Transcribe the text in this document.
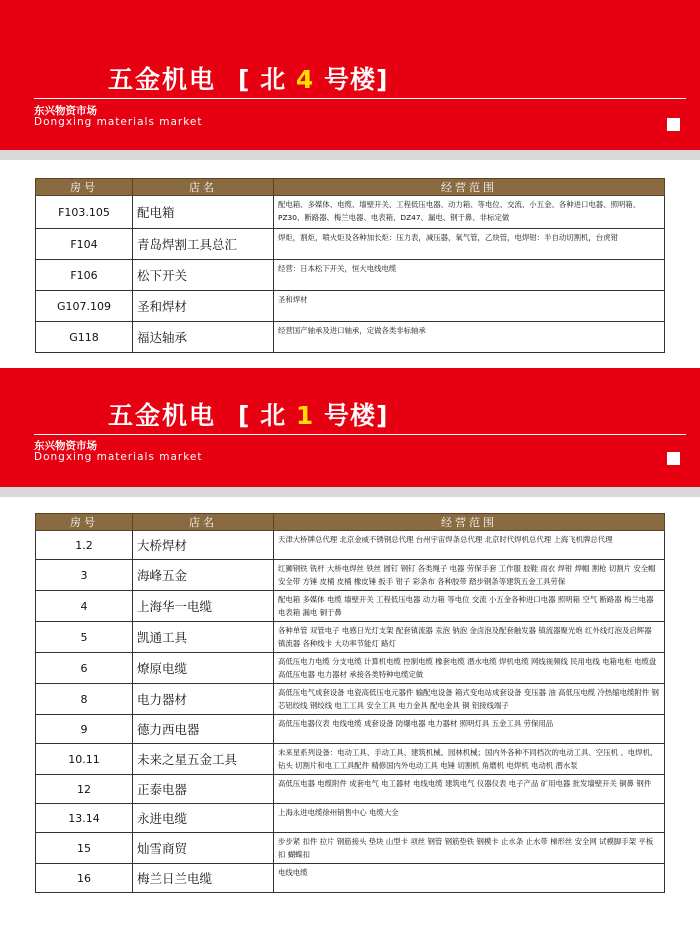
五金机电 [ 北 4 号楼]
东兴物资市场
Dongxing materials market
房号	店名	经营范围
F103.105	配电箱	配电箱、多媒体、电缆、墙壁开关、工程低压电器、动力箱、等电位、交流、小五金、各种进口电器、照明箱、PZ30、断路器、梅兰电器、电表箱、DZ47、漏电、钢于鼻、非标定做
F104	青岛焊割工具总汇	焊炬，割炬，喷火炬及各种加长炬：压力表，减压器，氧气管，乙炔管，电焊钳：半自动切割机，台虎钳
F106	松下开关	经营：日本松下开关，恒大电线电缆
G107.109	圣和焊材	圣和焊材
G118	福达轴承	经营国产轴承及进口轴承，定做各类非标轴承
五金机电 [ 北 1 号楼]
东兴物资市场
Dongxing materials market
房号	店名	经营范围
1.2	大桥焊材	天津大桥牌总代理 北京金威不锈钢总代理 台州宇宙焊条总代理 北京时代焊机总代理 上海飞机牌总代理
3	海峰五金	红狮钢铁 铣杆 大桥电焊丝 铁丝 圆钉 钢钉 各类绳子 电器 劳保手套 工作服 胶鞋 雨衣 焊钳 焊帽 割枪 切割片 安全帽 安全带 方锤 皮桶 皮桶 橡皮锤 扳手 钳子 彩条布 各种胶带 踏步钢条等建筑五金工具劳保
4	上海华一电缆	配电箱 多媒体 电缆 墙壁开关 工程低压电器 动力箱 等电位 交流 小五金各种进口电器 照明箱 空气 断路器 梅兰电器 电表箱 漏电 铜于鼻
5	凯通工具	各种单管 双管电子 电感日光灯支架 配套镇流器 汞泡 钠泡 金卤泡及配套触发器 镇流器聚光炮 红外线灯泡及启辉器 镇流器 各种线卡 大功率节能灯 路灯
6	燎原电缆	高低压电力电缆 分支电缆 计算机电缆 控制电缆 橡套电缆 潜水电缆 焊机电缆 网线视频线 民用电线 电箱电柜 电缆盘 高低压电器 电力器材 承接各类特种电缆定做
8	电力器材	高低压电气成套设备 电瓷高低压电元器件 输配电设备 箱式变电站成套设备 变压器 油 高低压电缆 冷热缩电缆附件 钢芯铝绞线 钢绞线 电工工具 安全工具 电力金具 配电金具 铜 铝接线端子
9	德力西电器	高低压电器仪表 电线电缆 成套设备 防爆电器 电力器材 照明灯具 五金工具 劳保用品
10.11	未来之星五金工具	未来星系列设备：电动工具、手动工具、建筑机械、园林机械；国内外各种不同档次的电动工具、空压机 、电焊机、钻头 切割片和电工工具配件 精修国内外电动工具 电锤 切割机 角磨机 电焊机 电动机 潜水泵
12	正泰电器	高低压电器 电缆附件 成套电气 电工器材 电线电缆 建筑电气 仪器仪表 电子产品 矿用电器 批发墙壁开关 铜鼻 钢件
13.14	永进电缆	上海永进电缆徐州销售中心 电缆大全
15	灿雪商贸	步步紧 扣件 拉片 钢筋接头 垫块 山型卡 项丝 钢管 钢筋垫铁 钢模卡 止水条 止水带 梯形丝 安全网 试模脚手架 平板扣 蝴蝶扣
16	梅兰日兰电缆	电线电缆
